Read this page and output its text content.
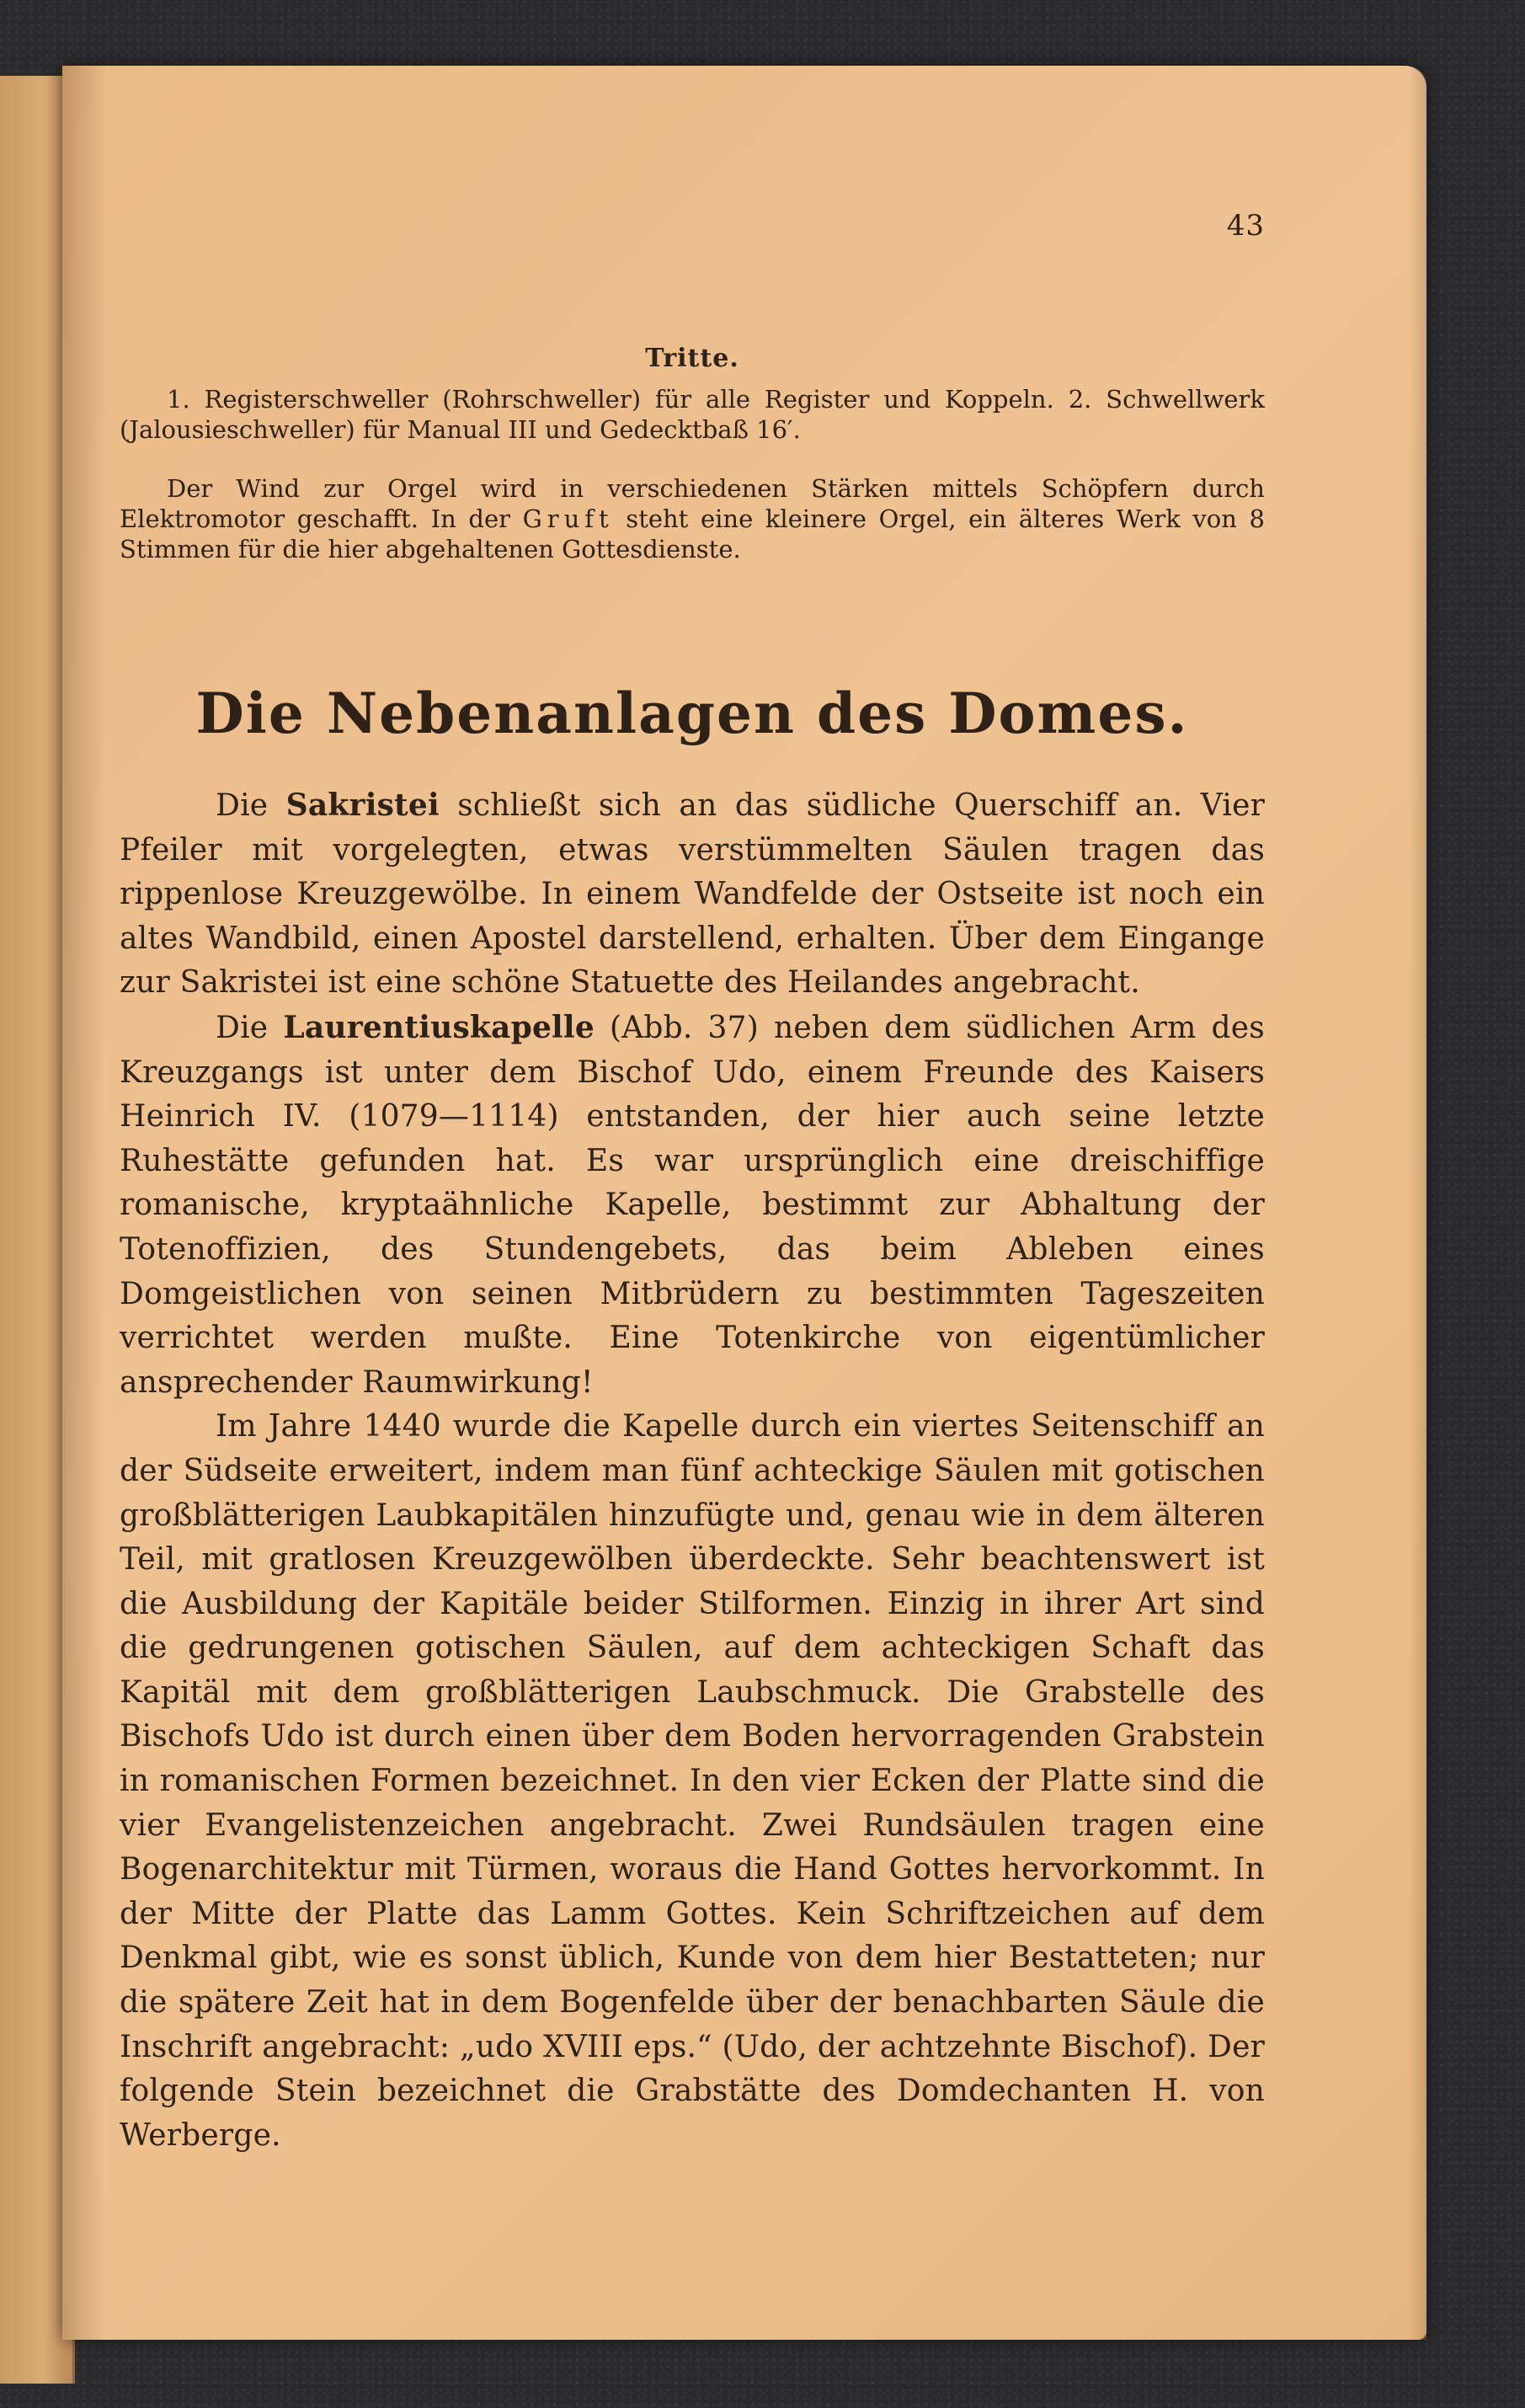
43
Tritte.

1. Registerschweller (Rohrschweller) für alle Register und Koppeln. 2. Schwellwerk (Jalousieschweller) für Manual III und Gedecktbaß 16′.

Der Wind zur Orgel wird in verschiedenen Stärken mittels Schöpfern durch Elektromotor geschafft. In der Gruft steht eine kleinere Orgel, ein älteres Werk von 8 Stimmen für die hier abgehaltenen Gottesdienste.

Die Nebenanlagen des Domes.

Die Sakristei schließt sich an das südliche Querschiff an. Vier Pfeiler mit vorgelegten, etwas verstümmelten Säulen tragen das rippenlose Kreuzgewölbe. In einem Wandfelde der Ostseite ist noch ein altes Wandbild, einen Apostel darstellend, erhalten. Über dem Eingange zur Sakristei ist eine schöne Statuette des Heilandes angebracht.

Die Laurentiuskapelle (Abb. 37) neben dem südlichen Arm des Kreuzgangs ist unter dem Bischof Udo, einem Freunde des Kaisers Heinrich IV. (1079—1114) entstanden, der hier auch seine letzte Ruhestätte gefunden hat. Es war ursprünglich eine dreischiffige romanische, kryptaähnliche Kapelle, bestimmt zur Abhaltung der Totenoffizien, des Stundengebets, das beim Ableben eines Domgeistlichen von seinen Mitbrüdern zu bestimmten Tageszeiten verrichtet werden mußte. Eine Totenkirche von eigentümlicher ansprechender Raumwirkung!

Im Jahre 1440 wurde die Kapelle durch ein viertes Seitenschiff an der Südseite erweitert, indem man fünf achteckige Säulen mit gotischen großblätterigen Laubkapitälen hinzufügte und, genau wie in dem älteren Teil, mit gratlosen Kreuzgewölben überdeckte. Sehr beachtenswert ist die Ausbildung der Kapitäle beider Stilformen. Einzig in ihrer Art sind die gedrungenen gotischen Säulen, auf dem achteckigen Schaft das Kapitäl mit dem großblätterigen Laubschmuck. Die Grabstelle des Bischofs Udo ist durch einen über dem Boden hervorragenden Grabstein in romanischen Formen bezeichnet. In den vier Ecken der Platte sind die vier Evangelistenzeichen angebracht. Zwei Rundsäulen tragen eine Bogenarchitektur mit Türmen, woraus die Hand Gottes hervorkommt. In der Mitte der Platte das Lamm Gottes. Kein Schriftzeichen auf dem Denkmal gibt, wie es sonst üblich, Kunde von dem hier Bestatteten; nur die spätere Zeit hat in dem Bogenfelde über der benachbarten Säule die Inschrift angebracht: „udo XVIII eps.“ (Udo, der achtzehnte Bischof). Der folgende Stein bezeichnet die Grabstätte des Domdechanten H. von Werberge.
